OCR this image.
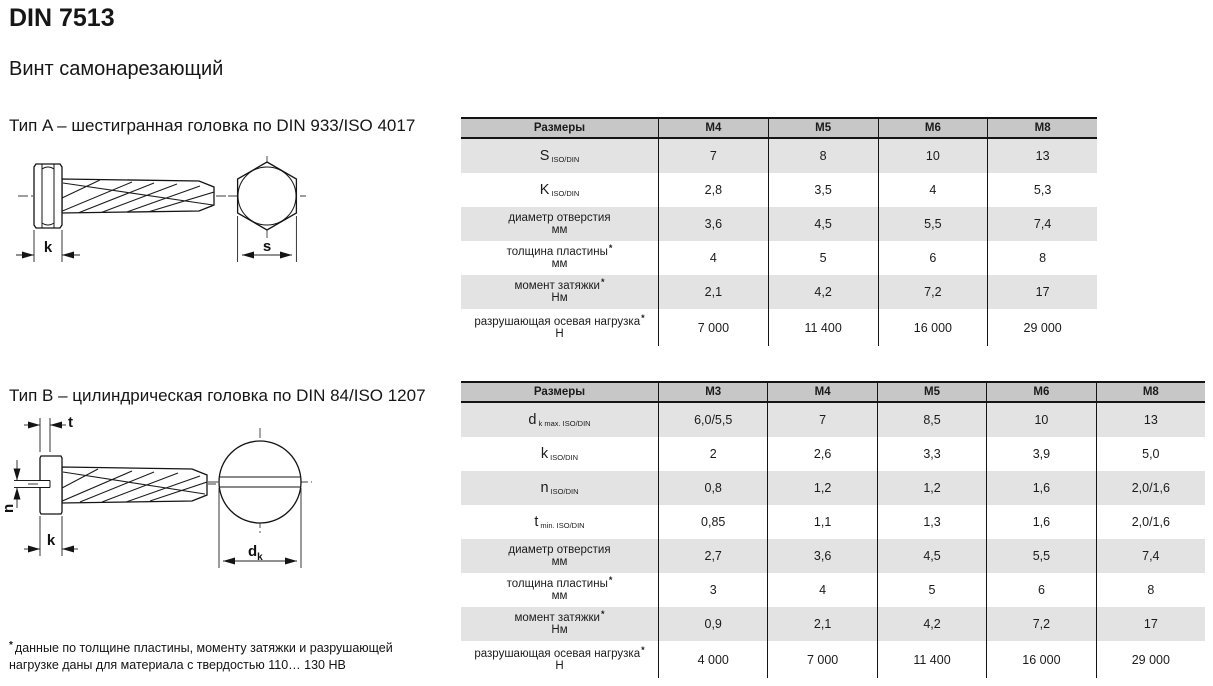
DIN 7513
Винт самонарезающий
Тип A – шестигранная головка по DIN 933/ISO 4017
Тип B – цилиндрическая головка по DIN 84/ISO 1207
k	s
t
n
k
$d_k$
Размеры	M4	M5	M6	M8
S ISO/DIN	7	8	10	13
K ISO/DIN	2,8	3,5	4	5,3
диаметр отверстия
мм	3,6	4,5	5,5	7,4
толщина пластины *
мм	4	5	6	8
момент затяжки *
Нм	2,1	4,2	7,2	17
разрушающая осевая нагрузка *
Н	7 000	11 400	16 000	29 000
Размеры	M3	M4	M5	M6	M8
d k max. ISO/DIN	6,0/5,5	7	8,5	10	13
k ISO/DIN	2	2,6	3,3	3,9	5,0
n ISO/DIN	0,8	1,2	1,2	1,6	2,0/1,6
t min. ISO/DIN	0,85	1,1	1,3	1,6	2,0/1,6
диаметр отверстия
мм	2,7	3,6	4,5	5,5	7,4
толщина пластины *
мм	3	4	5	6	8
момент затяжки *
Нм	0,9	2,1	4,2	7,2	17
разрушающая осевая нагрузка *
Н	4 000	7 000	11 400	16 000	29 000
* данные по толщине пластины, моменту затяжки и разрушающей
нагрузке даны для материала с твердостью 110… 130 НВ
